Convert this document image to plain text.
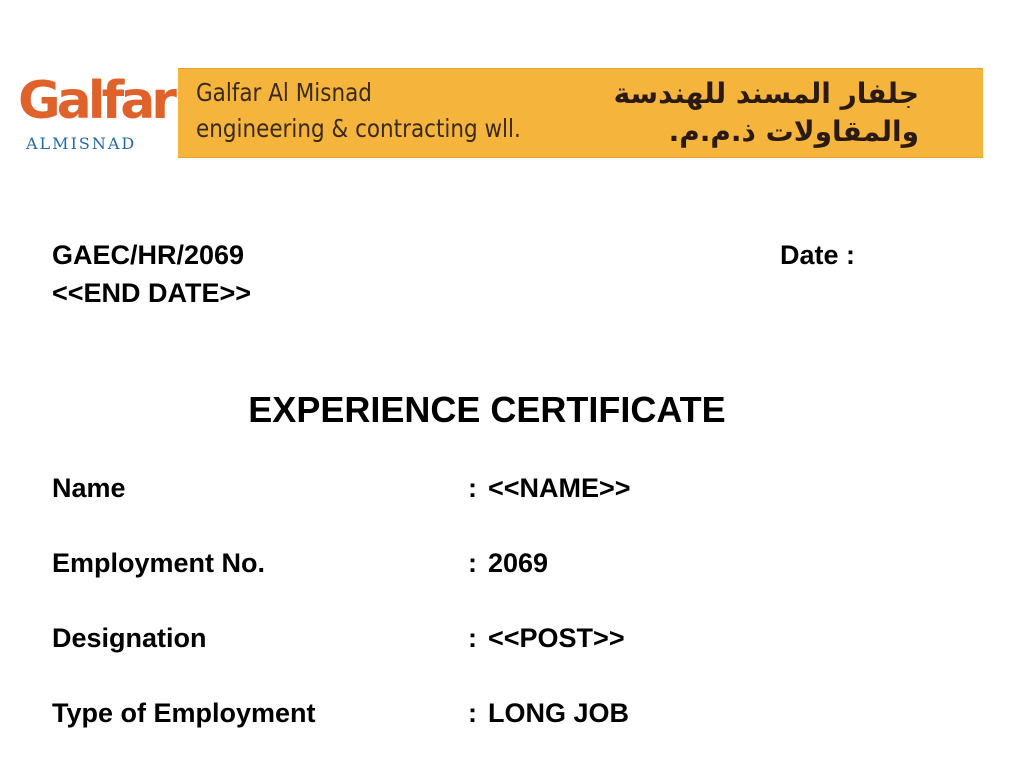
Galfar
ALMISNAD
Galfar Al Misnad
engineering & contracting wll.
جلفار المسند للهندسة
والمقاولات ذ.م.م.
GAEC/HR/2069
<<END DATE>>
Date :
EXPERIENCE CERTIFICATE
Name	: <<NAME>>
Employment No.	: 2069
Designation	: <<POST>>
Type of Employment	: LONG JOB
